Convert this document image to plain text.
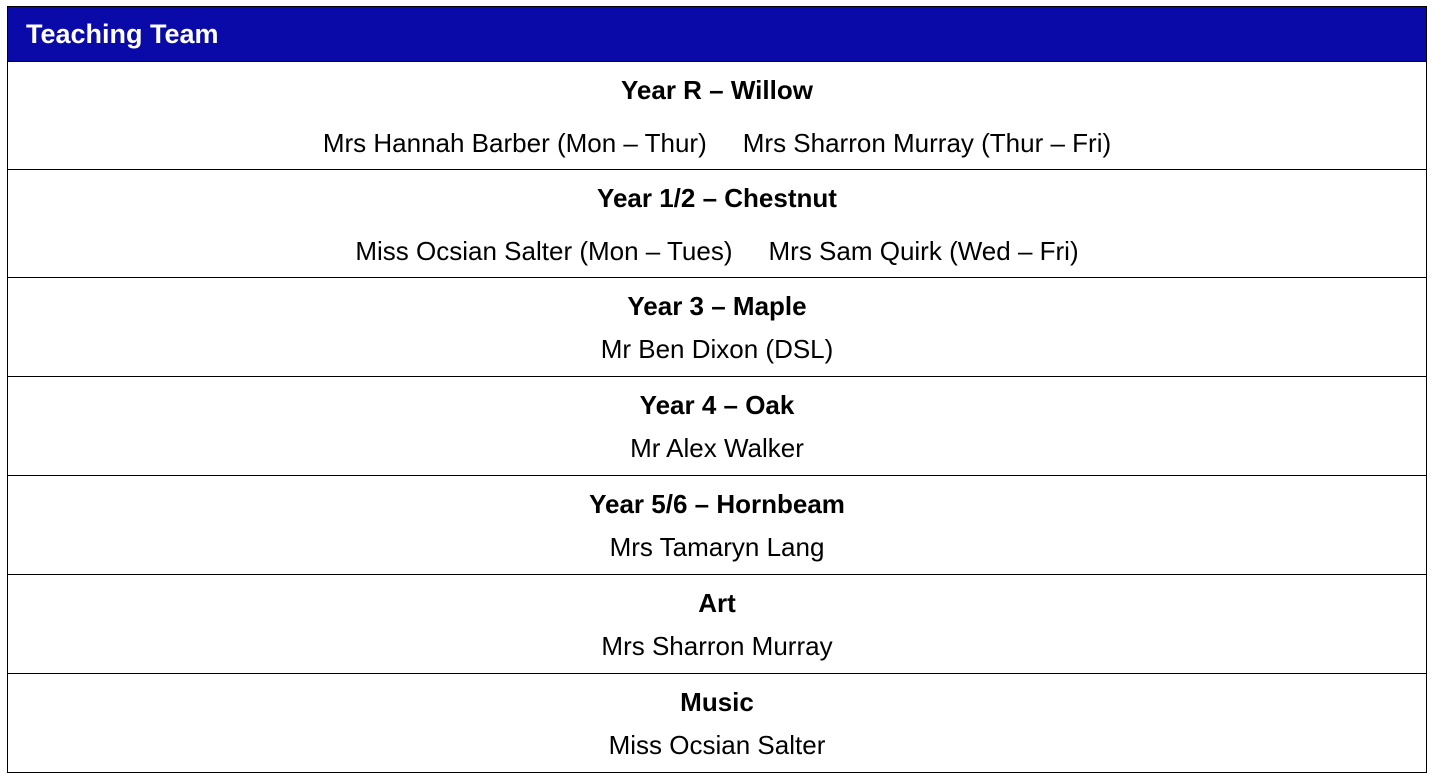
Teaching Team

Year R – Willow
Mrs Hannah Barber (Mon – Thur) Mrs Sharron Murray (Thur – Fri)

Year 1/2 – Chestnut
Miss Ocsian Salter (Mon – Tues) Mrs Sam Quirk (Wed – Fri)

Year 3 – Maple
Mr Ben Dixon (DSL)

Year 4 – Oak
Mr Alex Walker

Year 5/6 – Hornbeam
Mrs Tamaryn Lang

Art
Mrs Sharron Murray

Music
Miss Ocsian Salter
